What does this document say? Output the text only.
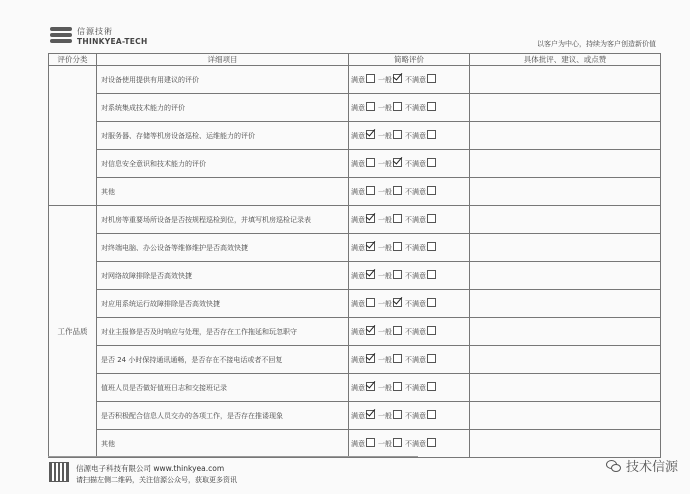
信源技術
THINKYEA-TECH	以客户为中心，持续为客户创造新价值
评价分类	详细项目	简略评价	具体批评、建议、或点赞
	对设备使用提供有用建议的评价	满意 一般 不满意	
	对系统集成技术能力的评价	满意 一般 不满意	
	对服务器、存储等机房设备巡检、运维能力的评价	满意 一般 不满意	
	对信息安全意识和技术能力的评价	满意 一般 不满意	
	其他	满意 一般 不满意	
工作品质	对机房等重要场所设备是否按规程巡检到位，并填写机房巡检记录表	满意 一般 不满意	
	对终端电脑、办公设备等维修维护是否高效快捷	满意 一般 不满意	
	对网络故障排除是否高效快捷	满意 一般 不满意	
	对应用系统运行故障排除是否高效快捷	满意 一般 不满意	
	对业主报修是否及时响应与处理，是否存在工作拖延和玩忽职守	满意 一般 不满意	
	是否 24 小时保持通讯通畅，是否存在不接电话或者不回复	满意 一般 不满意	
	值班人员是否做好值班日志和交接班记录	满意 一般 不满意	
	是否积极配合信息人员交办的各项工作，是否存在推诿现象	满意 一般 不满意	
	其他	满意 一般 不满意	
信源电子科技有限公司 www.thinkyea.com
请扫描左侧二维码，关注信源公众号，获取更多资讯
技术信源
